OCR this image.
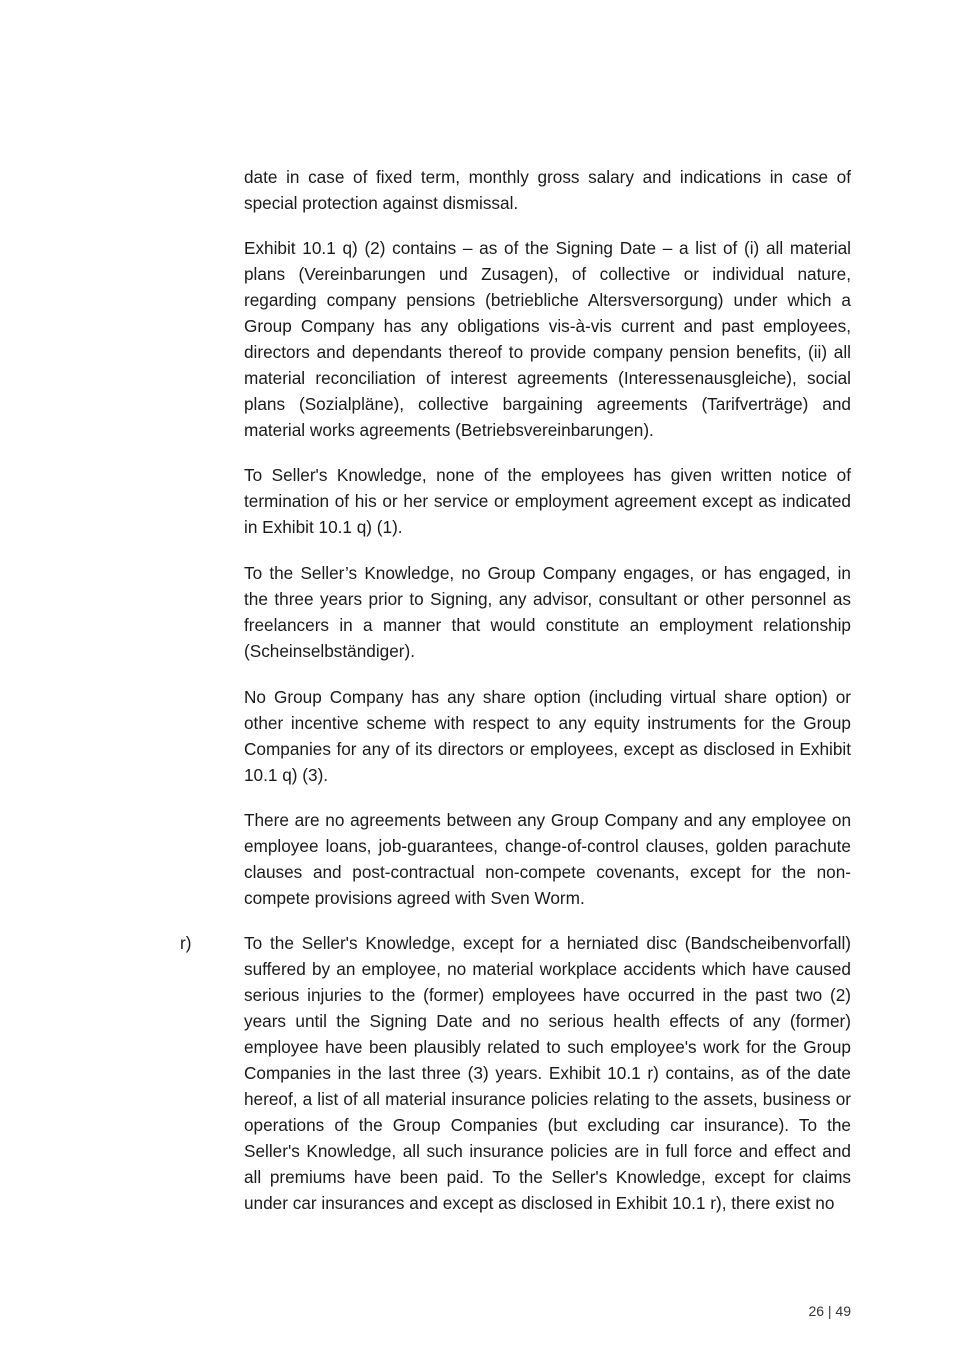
date in case of fixed term, monthly gross salary and indications in case of special protection against dismissal.

Exhibit 10.1 q) (2) contains – as of the Signing Date – a list of (i) all material plans (Vereinbarungen und Zusagen), of collective or individual nature, regarding company pensions (betriebliche Altersversorgung) under which a Group Company has any obligations vis-à-vis current and past employees, directors and dependants thereof to provide company pension benefits, (ii) all material reconciliation of interest agreements (Interessenausgleiche), social plans (Sozialpläne), collective bargaining agreements (Tarifverträge) and material works agreements (Betriebsvereinbarungen).

To Seller's Knowledge, none of the employees has given written notice of termination of his or her service or employment agreement except as indicated in Exhibit 10.1 q) (1).

To the Seller’s Knowledge, no Group Company engages, or has engaged, in the three years prior to Signing, any advisor, consultant or other personnel as freelancers in a manner that would constitute an employment relationship (Scheinselbständiger).

No Group Company has any share option (including virtual share option) or other incentive scheme with respect to any equity instruments for the Group Companies for any of its directors or employees, except as disclosed in Exhibit 10.1 q) (3).

There are no agreements between any Group Company and any employee on employee loans, job-guarantees, change-of-control clauses, golden parachute clauses and post-contractual non-compete covenants, except for the non-compete provisions agreed with Sven Worm.

r)	To the Seller's Knowledge, except for a herniated disc (Bandscheibenvorfall) suffered by an employee, no material workplace accidents which have caused serious injuries to the (former) employees have occurred in the past two (2) years until the Signing Date and no serious health effects of any (former) employee have been plausibly related to such employee's work for the Group Companies in the last three (3) years. Exhibit 10.1 r) contains, as of the date hereof, a list of all material insurance policies relating to the assets, business or operations of the Group Companies (but excluding car insurance). To the Seller's Knowledge, all such insurance policies are in full force and effect and all premiums have been paid. To the Seller's Knowledge, except for claims under car insurances and except as disclosed in Exhibit 10.1 r), there exist no

26 | 49
